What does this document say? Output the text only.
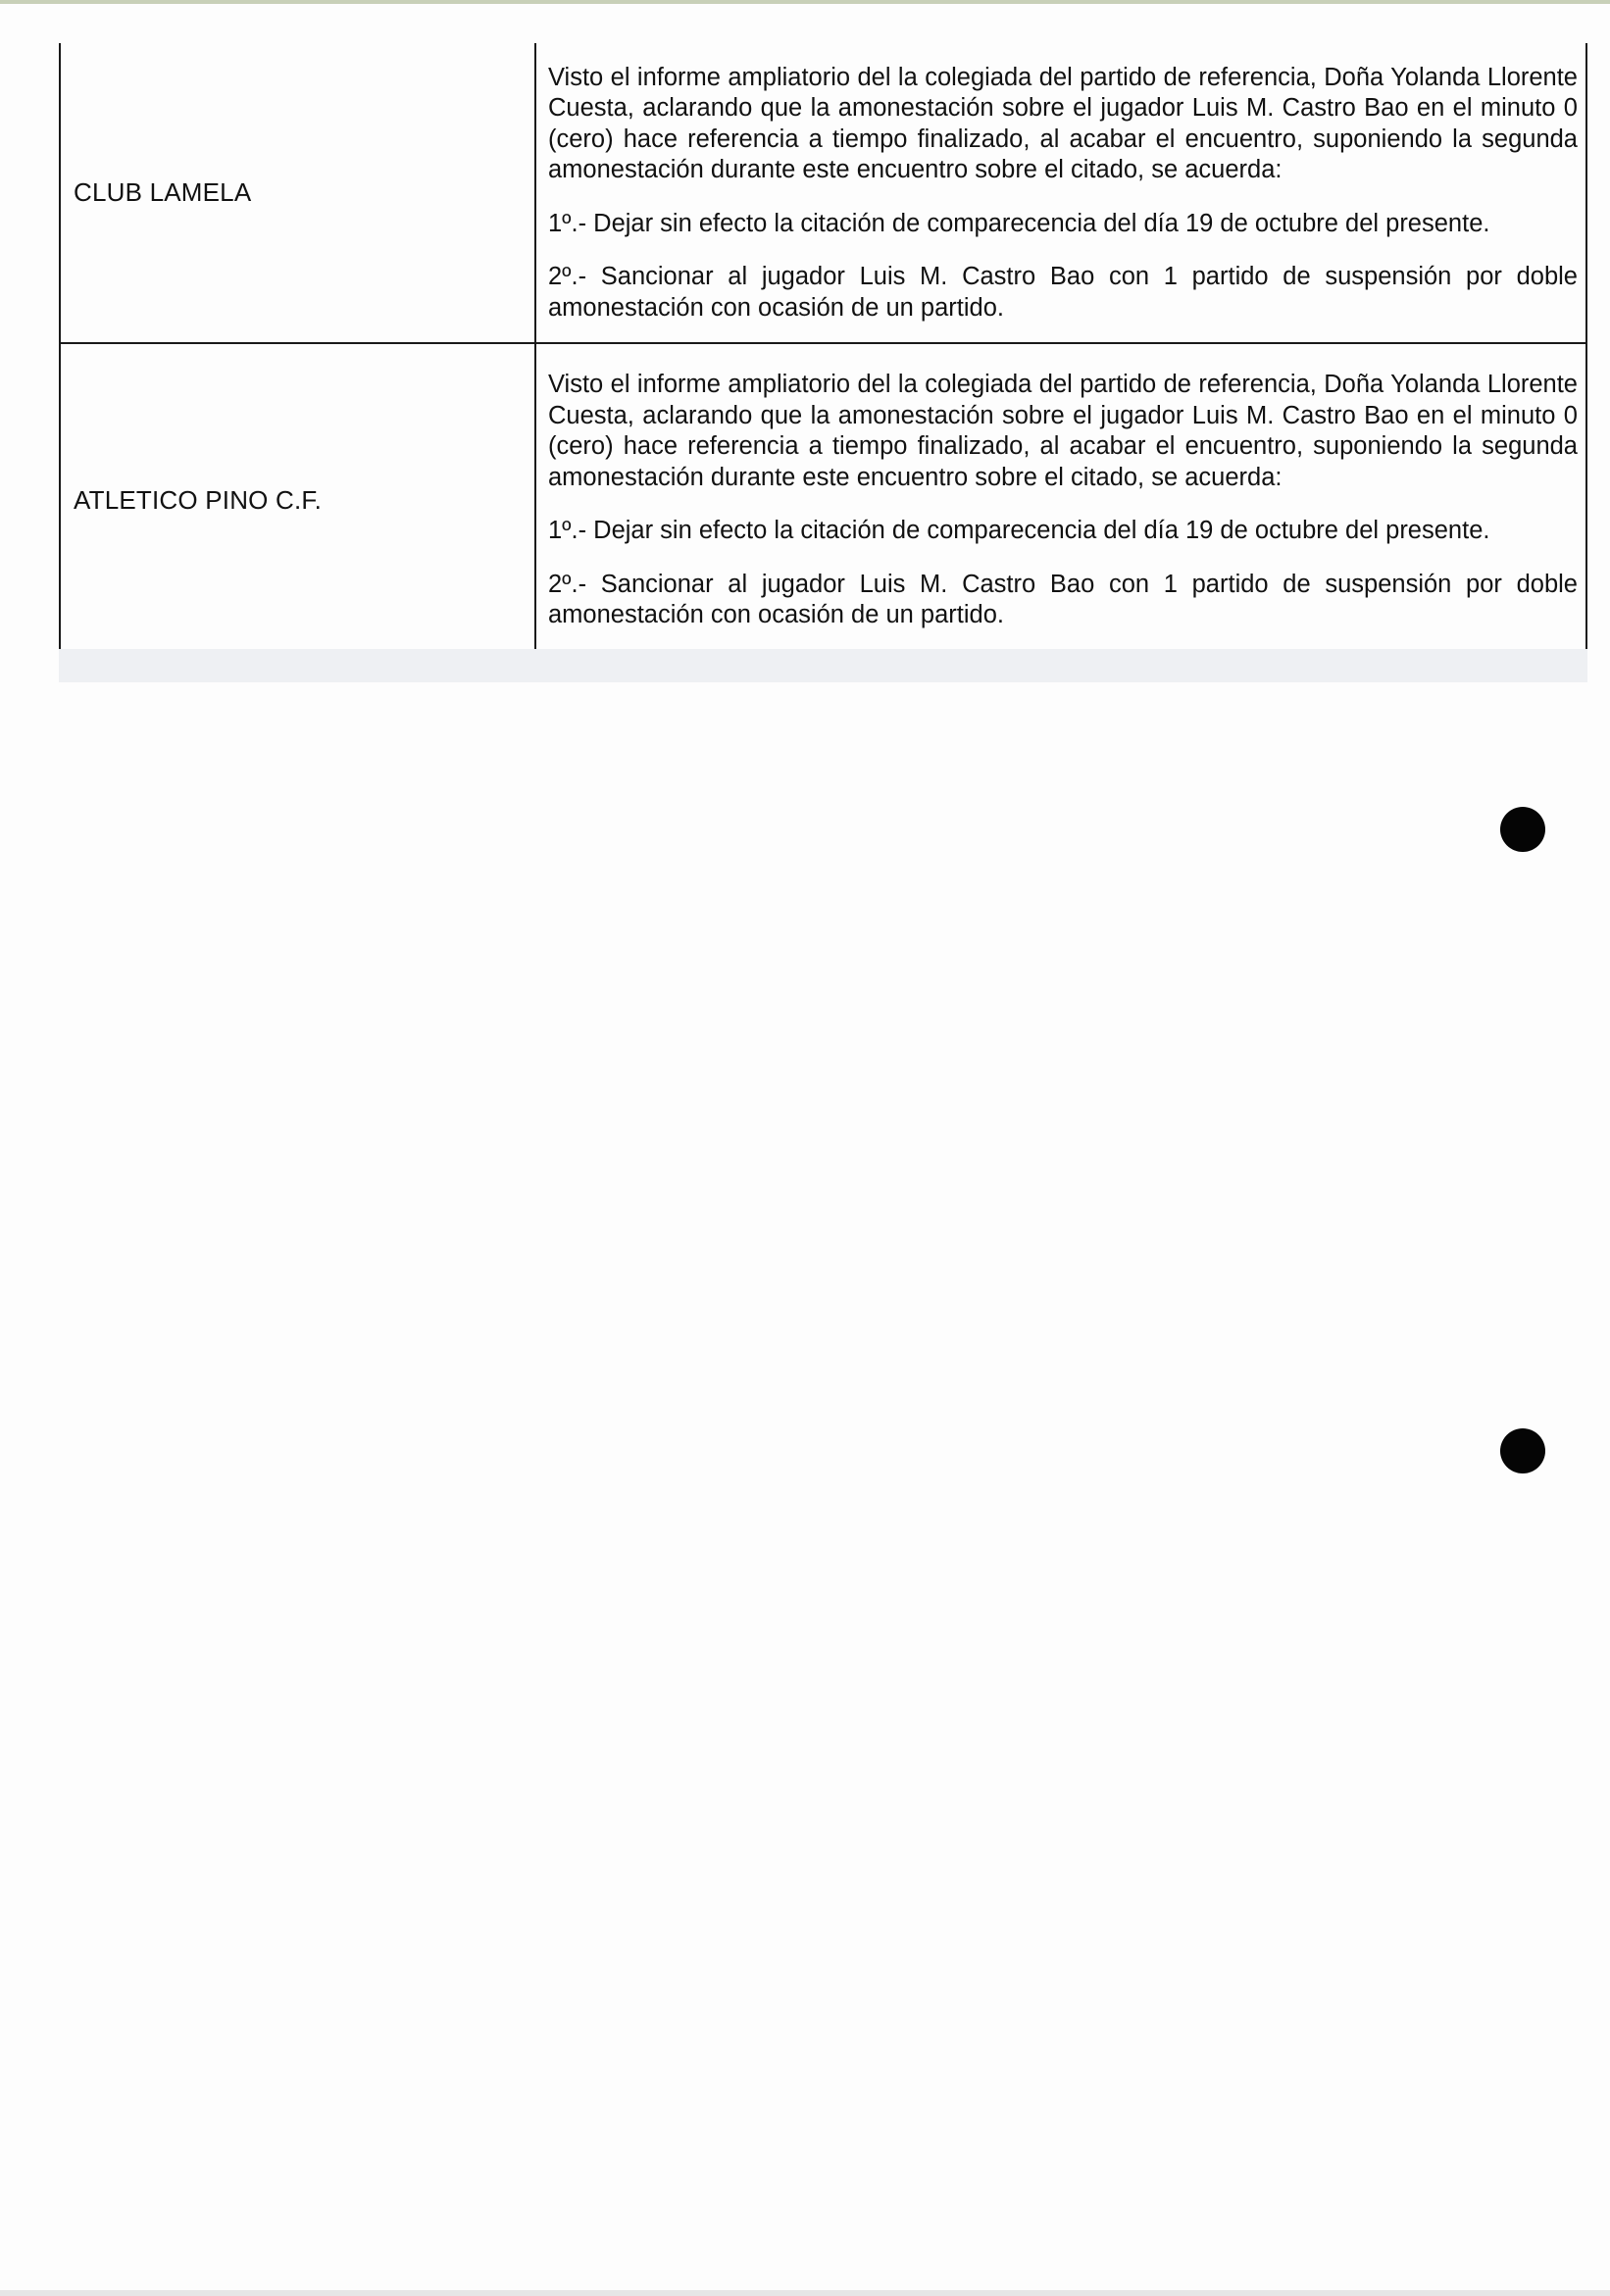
CLUB LAMELA	Visto el informe ampliatorio del la colegiada del partido de referencia, Doña Yolanda Llorente Cuesta, aclarando que la amonestación sobre el jugador Luis M. Castro Bao en el minuto 0 (cero) hace referencia a tiempo finalizado, al acabar el encuentro, suponiendo la segunda amonestación durante este encuentro sobre el citado, se acuerda:

1º.- Dejar sin efecto la citación de comparecencia del día 19 de octubre del presente.

2º.- Sancionar al jugador Luis M. Castro Bao con 1 partido de suspensión por doble amonestación con ocasión de un partido.

ATLETICO PINO C.F.	Visto el informe ampliatorio del la colegiada del partido de referencia, Doña Yolanda Llorente Cuesta, aclarando que la amonestación sobre el jugador Luis M. Castro Bao en el minuto 0 (cero) hace referencia a tiempo finalizado, al acabar el encuentro, suponiendo la segunda amonestación durante este encuentro sobre el citado, se acuerda:

1º.- Dejar sin efecto la citación de comparecencia del día 19 de octubre del presente.

2º.- Sancionar al jugador Luis M. Castro Bao con 1 partido de suspensión por doble amonestación con ocasión de un partido.
